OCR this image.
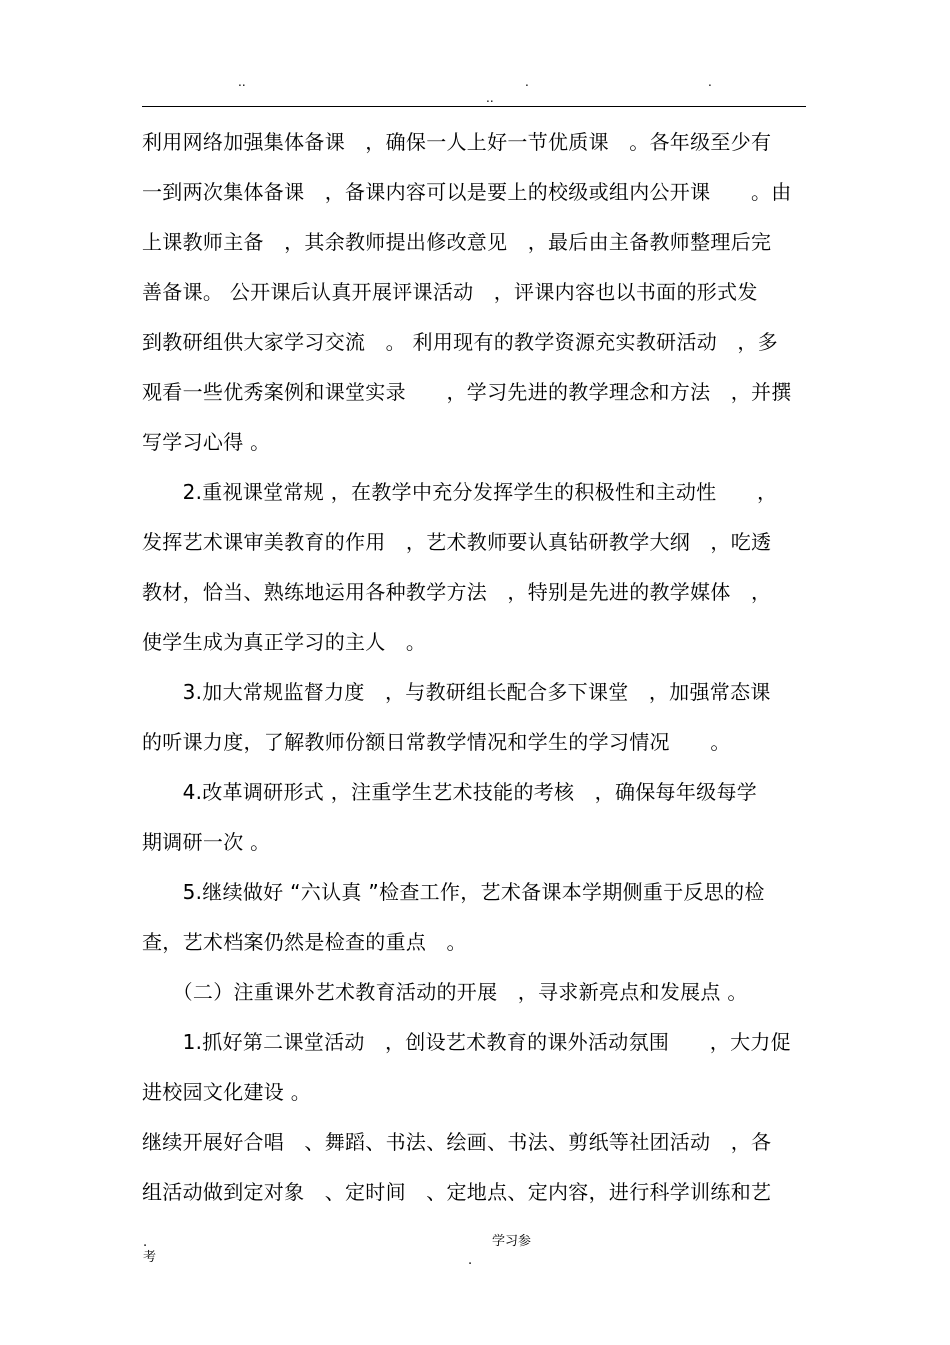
..	.	.
..
利用网络加强集体备课　，确保一人上好一节优质课　。各年级至少有
一到两次集体备课　，备课内容可以是要上的校级或组内公开课　　。由
上课教师主备　，其余教师提出修改意见　，最后由主备教师整理后完
善备课。 公开课后认真开展评课活动　，评课内容也以书面的形式发
到教研组供大家学习交流　。 利用现有的教学资源充实教研活动　，多
观看一些优秀案例和课堂实录　　，学习先进的教学理念和方法　，并撰
写学习心得 。
　　2.重视课堂常规 ，在教学中充分发挥学生的积极性和主动性　　，
发挥艺术课审美教育的作用　，艺术教师要认真钻研教学大纲　，吃透
教材，恰当、熟练地运用各种教学方法　，特别是先进的教学媒体　，
使学生成为真正学习的主人　。
　　3.加大常规监督力度　，与教研组长配合多下课堂　，加强常态课
的听课力度，了解教师份额日常教学情况和学生的学习情况　　。
　　4.改革调研形式 ，注重学生艺术技能的考核　，确保每年级每学
期调研一次 。
　　5.继续做好 “六认真 ”检查工作，艺术备课本学期侧重于反思的检
查，艺术档案仍然是检查的重点　。
　　（二）注重课外艺术教育活动的开展　，寻求新亮点和发展点 。
　　1.抓好第二课堂活动　，创设艺术教育的课外活动氛围　　，大力促
进校园文化建设 。
继续开展好合唱　、舞蹈、书法、绘画、书法、剪纸等社团活动　，各
组活动做到定对象　、定时间　、定地点、定内容，进行科学训练和艺
学习参
.
考	.
